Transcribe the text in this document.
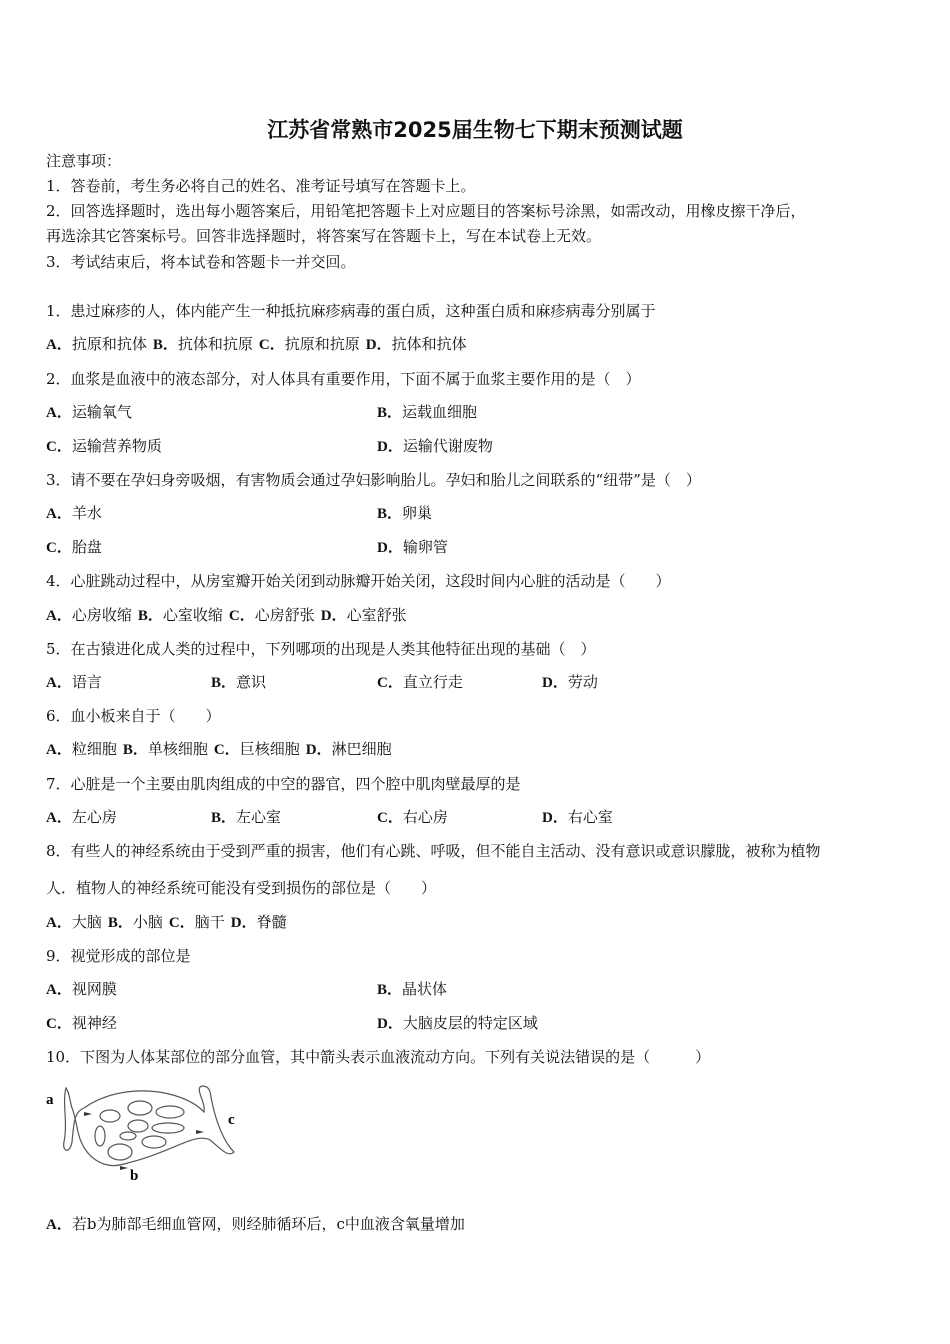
江苏省常熟市2025届生物七下期末预测试题
注意事项：
1．答卷前，考生务必将自己的姓名、准考证号填写在答题卡上。
2．回答选择题时，选出每小题答案后，用铅笔把答题卡上对应题目的答案标号涂黑，如需改动，用橡皮擦干净后，
再选涂其它答案标号。回答非选择题时，将答案写在答题卡上，写在本试卷上无效。
3．考试结束后，将本试卷和答题卡一并交回。
1．患过麻疹的人，体内能产生一种抵抗麻疹病毒的蛋白质，这种蛋白质和麻疹病毒分别属于
A．抗原和抗体 B．抗体和抗原 C．抗原和抗原 D．抗体和抗体
2．血浆是血液中的液态部分，对人体具有重要作用，下面不属于血浆主要作用的是（　）
A．运输氧气	B．运载血细胞
C．运输营养物质	D．运输代谢废物
3．请不要在孕妇身旁吸烟，有害物质会通过孕妇影响胎儿。孕妇和胎儿之间联系的“纽带”是（　）
A．羊水	B．卵巢
C．胎盘	D．输卵管
4．心脏跳动过程中，从房室瓣开始关闭到动脉瓣开始关闭，这段时间内心脏的活动是（　　）
A．心房收缩 B．心室收缩 C．心房舒张 D．心室舒张
5．在古猿进化成人类的过程中，下列哪项的出现是人类其他特征出现的基础（　）
A．语言	B．意识	C．直立行走	D．劳动
6．血小板来自于（　　）
A．粒细胞 B．单核细胞 C．巨核细胞 D．淋巴细胞
7．心脏是一个主要由肌肉组成的中空的器官，四个腔中肌肉壁最厚的是
A．左心房	B．左心室	C．右心房	D．右心室
8．有些人的神经系统由于受到严重的损害，他们有心跳、呼吸，但不能自主活动、没有意识或意识朦胧，被称为植物
人．植物人的神经系统可能没有受到损伤的部位是（　　）
A．大脑 B．小脑 C．脑干 D．脊髓
9．视觉形成的部位是
A．视网膜	B．晶状体
C．视神经	D．大脑皮层的特定区域
10．下图为人体某部位的部分血管，其中箭头表示血液流动方向。下列有关说法错误的是（　　　）
a
b
c
A．若b为肺部毛细血管网，则经肺循环后，c中血液含氧量增加
